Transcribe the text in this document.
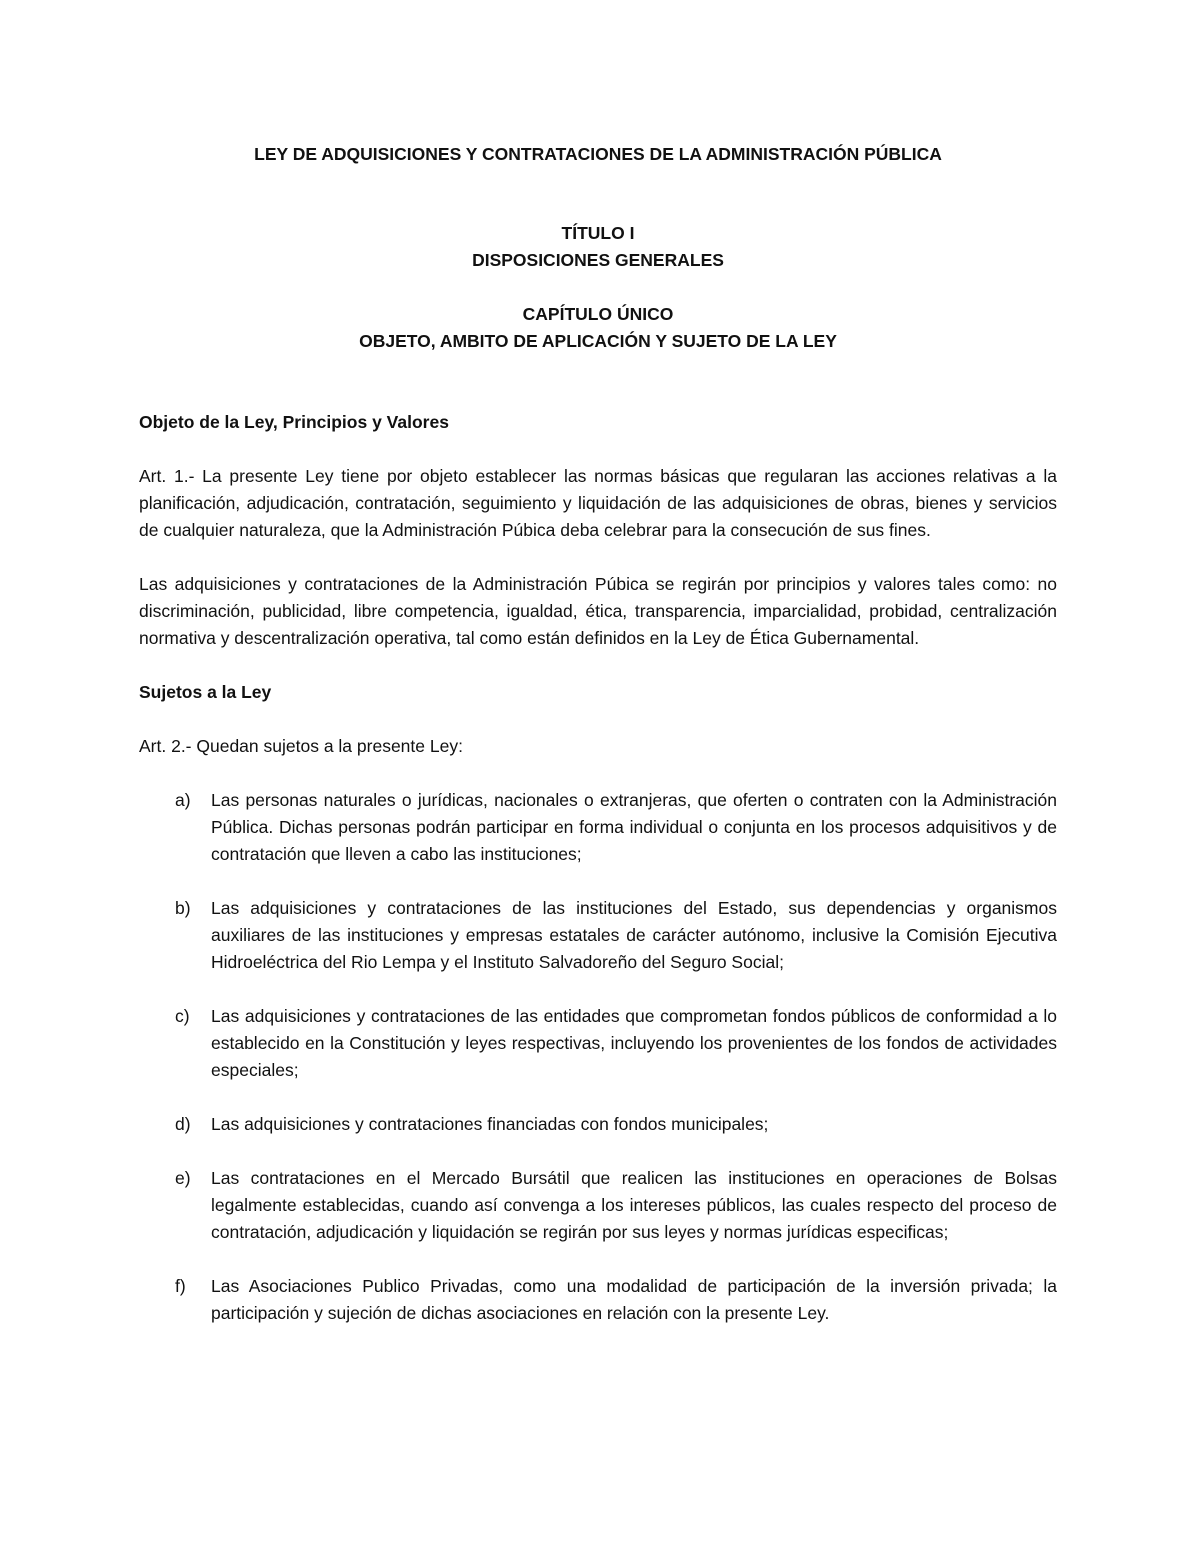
LEY DE ADQUISICIONES Y CONTRATACIONES DE LA ADMINISTRACIÓN PÚBLICA

TÍTULO I

DISPOSICIONES GENERALES

CAPÍTULO ÚNICO

OBJETO, AMBITO DE APLICACIÓN Y SUJETO DE LA LEY

Objeto de la Ley, Principios y Valores

Art. 1.- La presente Ley tiene por objeto establecer las normas básicas que regularan las acciones relativas a la planificación, adjudicación, contratación, seguimiento y liquidación de las adquisiciones de obras, bienes y servicios de cualquier naturaleza, que la Administración Púbica deba celebrar para la consecución de sus fines.

Las adquisiciones y contrataciones de la Administración Púbica se regirán por principios y valores tales como: no discriminación, publicidad, libre competencia, igualdad, ética, transparencia, imparcialidad, probidad, centralización normativa y descentralización operativa, tal como están definidos en la Ley de Ética Gubernamental.

Sujetos a la Ley

Art. 2.- Quedan sujetos a la presente Ley:

a) Las personas naturales o jurídicas, nacionales o extranjeras, que oferten o contraten con la Administración Pública. Dichas personas podrán participar en forma individual o conjunta en los procesos adquisitivos y de contratación que lleven a cabo las instituciones;
b) Las adquisiciones y contrataciones de las instituciones del Estado, sus dependencias y organismos auxiliares de las instituciones y empresas estatales de carácter autónomo, inclusive la Comisión Ejecutiva Hidroeléctrica del Rio Lempa y el Instituto Salvadoreño del Seguro Social;
c) Las adquisiciones y contrataciones de las entidades que comprometan fondos públicos de conformidad a lo establecido en la Constitución y leyes respectivas, incluyendo los provenientes de los fondos de actividades especiales;
d) Las adquisiciones y contrataciones financiadas con fondos municipales;
e) Las contrataciones en el Mercado Bursátil que realicen las instituciones en operaciones de Bolsas legalmente establecidas, cuando así convenga a los intereses públicos, las cuales respecto del proceso de contratación, adjudicación y liquidación se regirán por sus leyes y normas jurídicas especificas;
f) Las Asociaciones Publico Privadas, como una modalidad de participación de la inversión privada; la participación y sujeción de dichas asociaciones en relación con la presente Ley.
